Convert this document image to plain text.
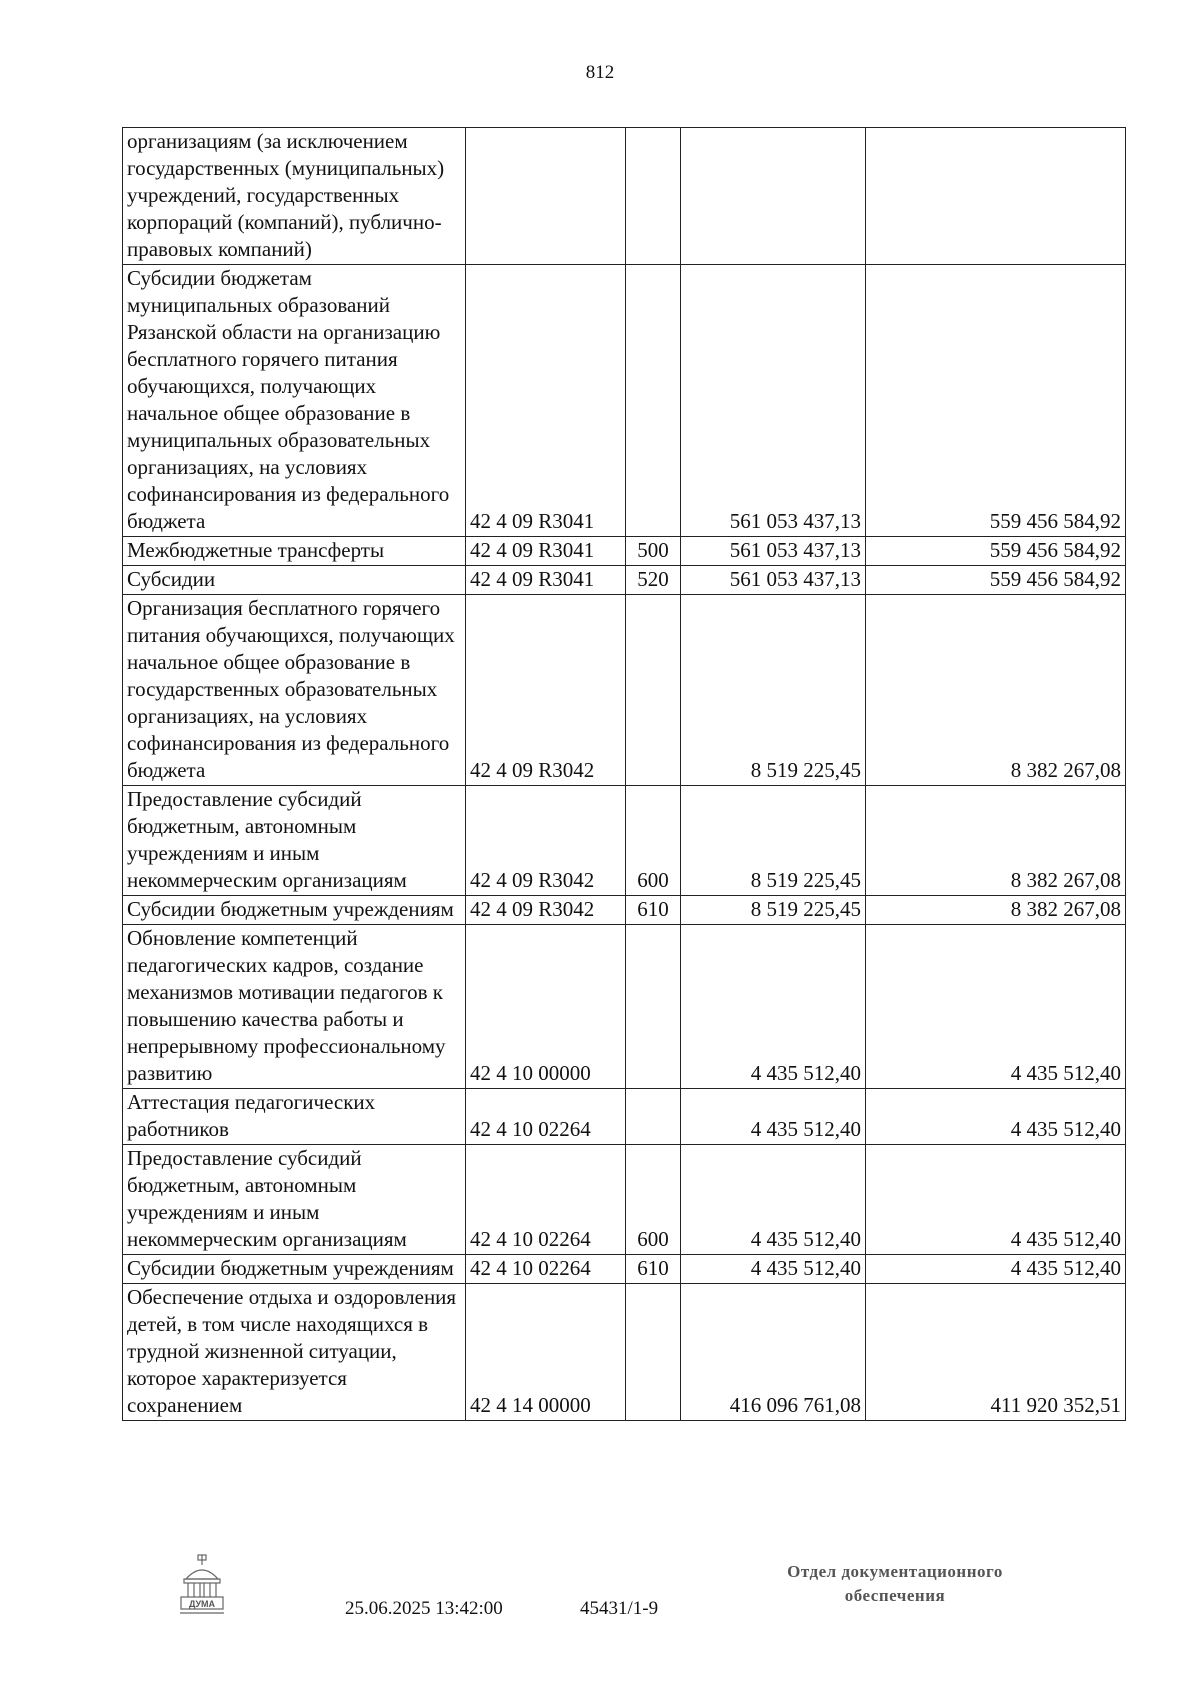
812
организациям (за исключением государственных (муниципальных) учреждений, государственных корпораций (компаний), публично-правовых компаний)				
Субсидии бюджетам муниципальных образований Рязанской области на организацию бесплатного горячего питания обучающихся, получающих начальное общее образование в муниципальных образовательных организациях, на условиях софинансирования из федерального бюджета	42 4 09 R3041		561 053 437,13	559 456 584,92
Межбюджетные трансферты	42 4 09 R3041	500	561 053 437,13	559 456 584,92
Субсидии	42 4 09 R3041	520	561 053 437,13	559 456 584,92
Организация бесплатного горячего питания обучающихся, получающих начальное общее образование в государственных образовательных организациях, на условиях софинансирования из федерального бюджета	42 4 09 R3042		8 519 225,45	8 382 267,08
Предоставление субсидий бюджетным, автономным учреждениям и иным некоммерческим организациям	42 4 09 R3042	600	8 519 225,45	8 382 267,08
Субсидии бюджетным учреждениям	42 4 09 R3042	610	8 519 225,45	8 382 267,08
Обновление компетенций педагогических кадров, создание механизмов мотивации педагогов к повышению качества работы и непрерывному профессиональному развитию	42 4 10 00000		4 435 512,40	4 435 512,40
Аттестация педагогических работников	42 4 10 02264		4 435 512,40	4 435 512,40
Предоставление субсидий бюджетным, автономным учреждениям и иным некоммерческим организациям	42 4 10 02264	600	4 435 512,40	4 435 512,40
Субсидии бюджетным учреждениям	42 4 10 02264	610	4 435 512,40	4 435 512,40
Обеспечение отдыха и оздоровления детей, в том числе находящихся в трудной жизненной ситуации, которое характеризуется сохранением	42 4 14 00000		416 096 761,08	411 920 352,51
ДУМА	25.06.2025 13:42:00	45431/1-9
Отдел документационного
обеспечения
